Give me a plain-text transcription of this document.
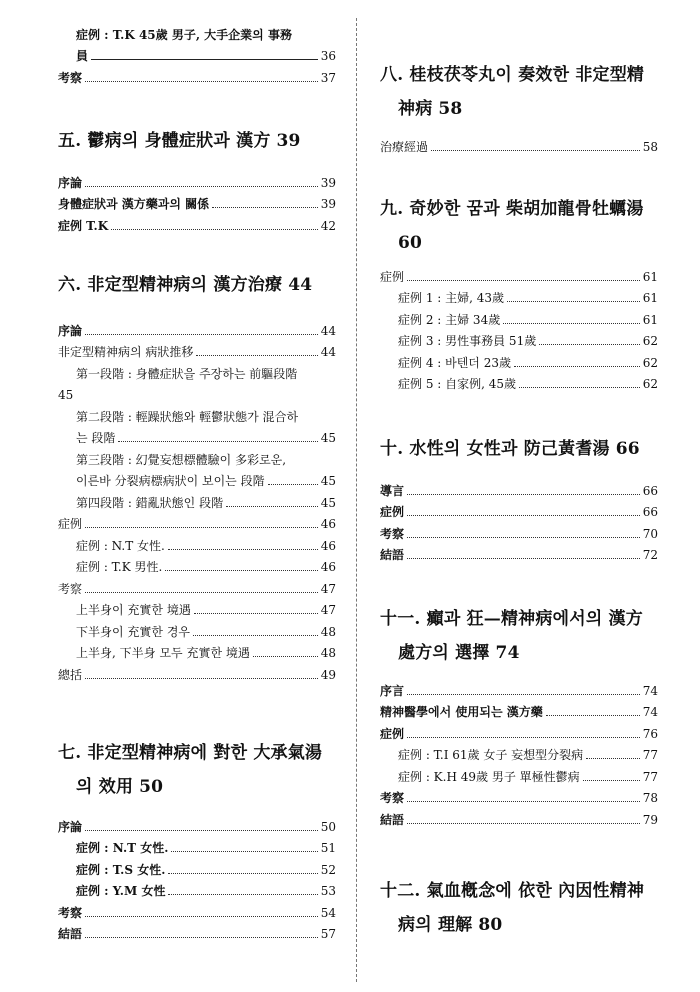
症例 : T.K 45歲 男子, 大手企業의 事務
員	36
考察	37
五. 鬱病의 身體症狀과 漢方 39
序論	39
身體症狀과 漢方藥과의 關係	39
症例 T.K	42
六. 非定型精神病의 漢方治療 44
序論	44
非定型精神病의 病狀推移	44
第一段階 : 身體症狀을 주장하는 前驅段階
45
第二段階 : 輕躁狀態와 輕鬱狀態가 混合하
는 段階	45
第三段階 : 幻覺妄想標體驗이 多彩로운,
이른바 分裂病標病狀이 보이는 段階	45
第四段階 : 錯亂狀態인 段階	45
症例	46
症例 : N.T 女性.	46
症例 : T.K 男性.	46
考察	47
上半身이 充實한 境遇	47
下半身이 充實한 경우	48
上半身, 下半身 모두 充實한 境遇	48
總括	49
七. 非定型精神病에 對한 大承氣湯
의 效用 50
序論	50
症例 : N.T 女性.	51
症例 : T.S 女性.	52
症例 : Y.M 女性	53
考察	54
結語	57
八. 桂枝茯苓丸이 奏效한 非定型精
神病 58
治療經過	58
九. 奇妙한 꿈과 柴胡加龍骨牡蠣湯
60
症例	61
症例 1 : 主婦, 43歲	61
症例 2 : 主婦 34歲	61
症例 3 : 男性事務員 51歲	62
症例 4 : 바텐더 23歲	62
症例 5 : 自家例, 45歲	62
十. 水性의 女性과 防己黃耆湯 66
導言	66
症例	66
考察	70
結語	72
十一. 癲과 狂—精神病에서의 漢方
處方의 選擇 74
序言	74
精神醫學에서 使用되는 漢方藥	74
症例	76
症例 : T.I 61歲 女子 妄想型分裂病	77
症例 : K.H 49歲 男子 單極性鬱病	77
考察	78
結語	79
十二. 氣血槪念에 依한 內因性精神
病의 理解 80
